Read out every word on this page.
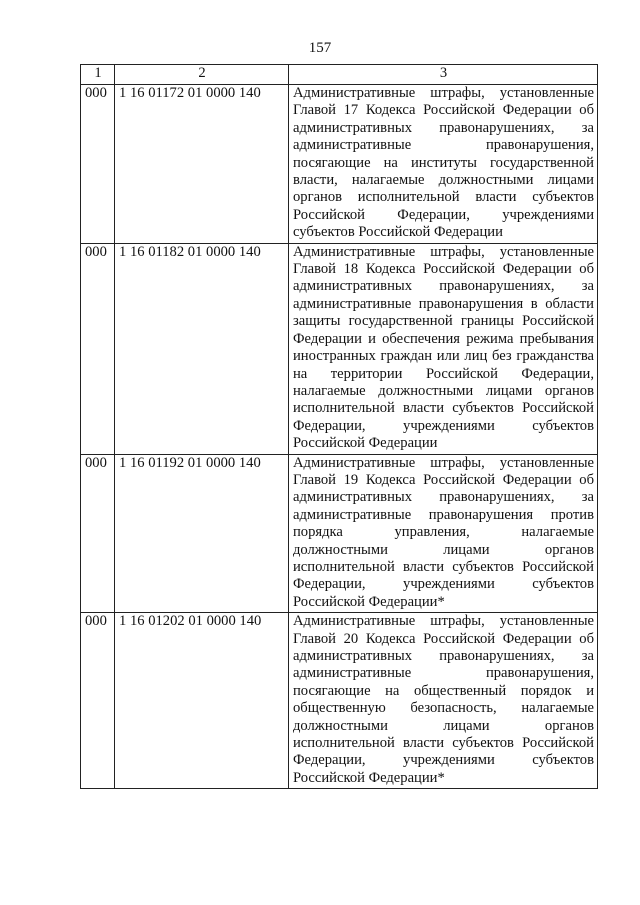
157
1	2	3
000	1 16 01172 01 0000 140	Административные штрафы, установленные Главой 17 Кодекса Российской Федерации об административных правонарушениях, за административные правонарушения, посягающие на институты государственной власти, налагаемые должностными лицами органов исполнительной власти субъектов Российской Федерации, учреждениями субъектов Российской Федерации
000	1 16 01182 01 0000 140	Административные штрафы, установленные Главой 18 Кодекса Российской Федерации об административных правонарушениях, за административные правонарушения в области защиты государственной границы Российской Федерации и обеспечения режима пребывания иностранных граждан или лиц без гражданства на территории Российской Федерации, налагаемые должностными лицами органов исполнительной власти субъектов Российской Федерации, учреждениями субъектов Российской Федерации
000	1 16 01192 01 0000 140	Административные штрафы, установленные Главой 19 Кодекса Российской Федерации об административных правонарушениях, за административные правонарушения против порядка управления, налагаемые должностными лицами органов исполнительной власти субъектов Российской Федерации, учреждениями субъектов Российской Федерации*
000	1 16 01202 01 0000 140	Административные штрафы, установленные Главой 20 Кодекса Российской Федерации об административных правонарушениях, за административные правонарушения, посягающие на общественный порядок и общественную безопасность, налагаемые должностными лицами органов исполнительной власти субъектов Российской Федерации, учреждениями субъектов Российской Федерации*
